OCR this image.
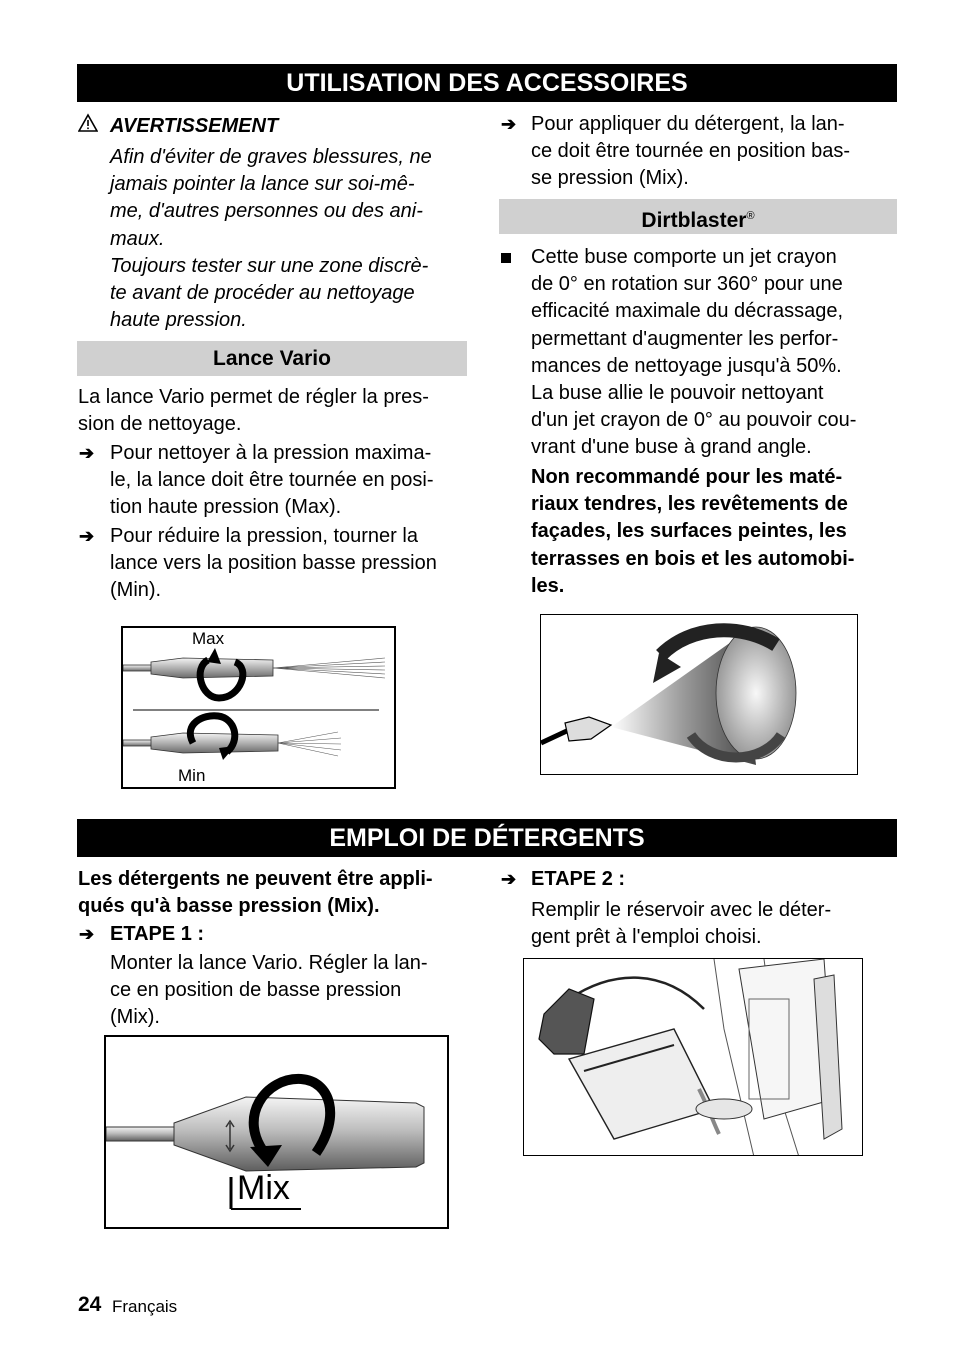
UTILISATION DES ACCESSOIRES
AVERTISSEMENT
Afin d'éviter de graves blessures, ne
jamais pointer la lance sur soi-mê-
me, d'autres personnes ou des ani-
maux.
Toujours tester sur une zone discrè-
te avant de procéder au nettoyage
haute pression.
Lance Vario
La lance Vario permet de régler la pres-
sion de nettoyage.
➔ Pour nettoyer à la pression maxima-
le, la lance doit être tournée en posi-
tion haute pression (Max).
➔ Pour réduire la pression, tourner la
lance vers la position basse pression
(Min).
Max
Min
➔ Pour appliquer du détergent, la lan-
ce doit être tournée en position bas-
se pression (Mix).
Dirtblaster®
Cette buse comporte un jet crayon
de 0° en rotation sur 360° pour une
efficacité maximale du décrassage,
permettant d'augmenter les perfor-
mances de nettoyage jusqu'à 50%.
La buse allie le pouvoir nettoyant
d'un jet crayon de 0° au pouvoir cou-
vrant d'une buse à grand angle.
Non recommandé pour les maté-
riaux tendres, les revêtements de
façades, les surfaces peintes, les
terrasses en bois et les automobi-
les.
EMPLOI DE DÉTERGENTS
Les détergents ne peuvent être appli-
qués qu'à basse pression (Mix).
➔ ETAPE 1 :
Monter la lance Vario. Régler la lan-
ce en position de basse pression
(Mix).
Mix
➔ ETAPE 2 :
Remplir le réservoir avec le déter-
gent prêt à l'emploi choisi.
24 Français
